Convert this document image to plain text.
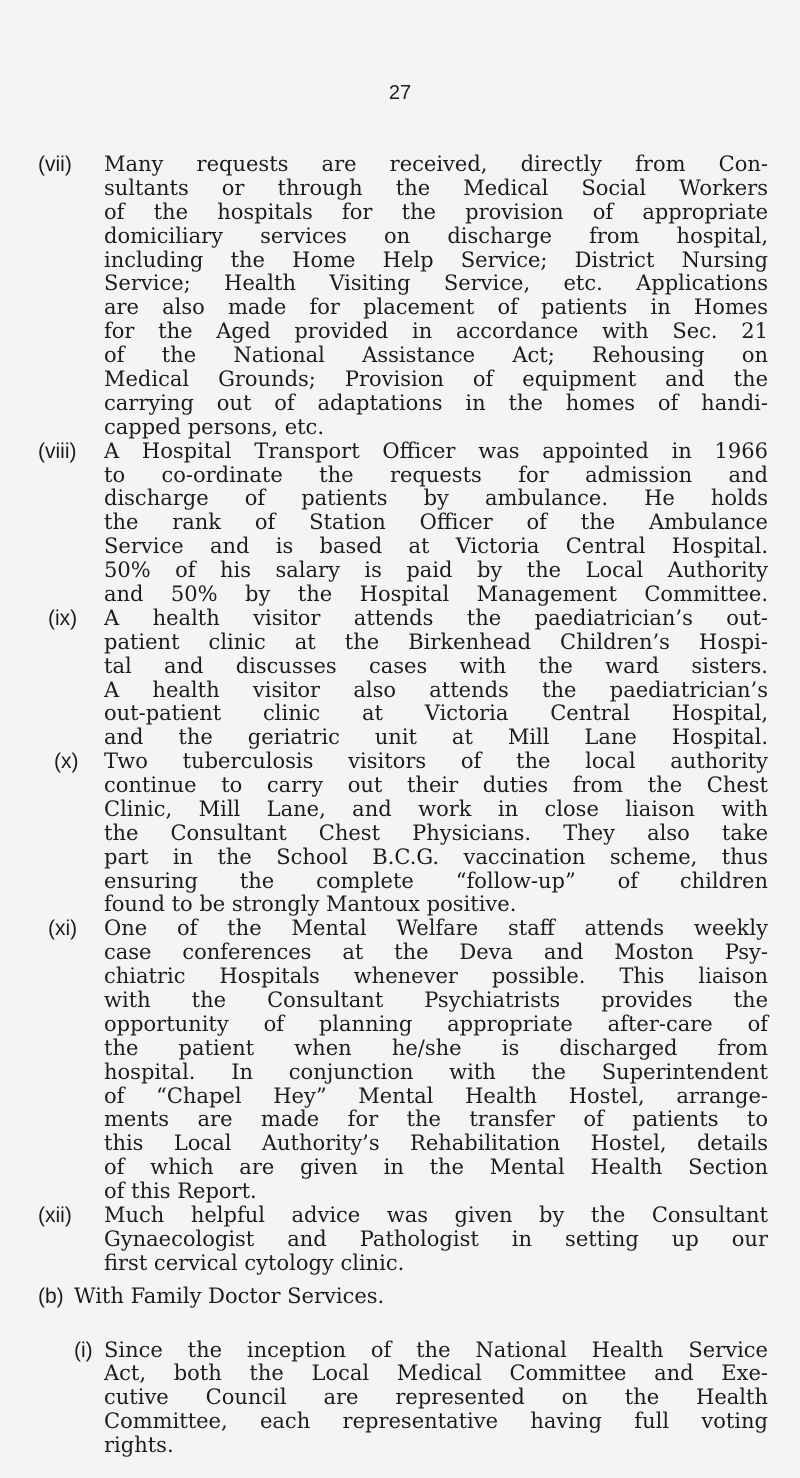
27
(vii) Many requests are received, directly from Con-
sultants or through the Medical Social Workers
of the hospitals for the provision of appropriate
domiciliary services on discharge from hospital,
including the Home Help Service; District Nursing
Service; Health Visiting Service, etc. Applications
are also made for placement of patients in Homes
for the Aged provided in accordance with Sec. 21
of the National Assistance Act; Rehousing on
Medical Grounds; Provision of equipment and the
carrying out of adaptations in the homes of handi-
capped persons, etc.
(viii) A Hospital Transport Officer was appointed in 1966
to co-ordinate the requests for admission and
discharge of patients by ambulance. He holds
the rank of Station Officer of the Ambulance
Service and is based at Victoria Central Hospital.
50% of his salary is paid by the Local Authority
and 50% by the Hospital Management Committee.
(ix) A health visitor attends the paediatrician’s out-
patient clinic at the Birkenhead Children’s Hospi-
tal and discusses cases with the ward sisters.
A health visitor also attends the paediatrician’s
out-patient clinic at Victoria Central Hospital,
and the geriatric unit at Mill Lane Hospital.
(x) Two tuberculosis visitors of the local authority
continue to carry out their duties from the Chest
Clinic, Mill Lane, and work in close liaison with
the Consultant Chest Physicians. They also take
part in the School B.C.G. vaccination scheme, thus
ensuring the complete “follow-up” of children
found to be strongly Mantoux positive.
(xi) One of the Mental Welfare staff attends weekly
case conferences at the Deva and Moston Psy-
chiatric Hospitals whenever possible. This liaison
with the Consultant Psychiatrists provides the
opportunity of planning appropriate after-care of
the patient when he/she is discharged from
hospital. In conjunction with the Superintendent
of “Chapel Hey” Mental Health Hostel, arrange-
ments are made for the transfer of patients to
this Local Authority’s Rehabilitation Hostel, details
of which are given in the Mental Health Section
of this Report.
(xii) Much helpful advice was given by the Consultant
Gynaecologist and Pathologist in setting up our
first cervical cytology clinic.
(b) With Family Doctor Services.
(i) Since the inception of the National Health Service
Act, both the Local Medical Committee and Exe-
cutive Council are represented on the Health
Committee, each representative having full voting
rights.
